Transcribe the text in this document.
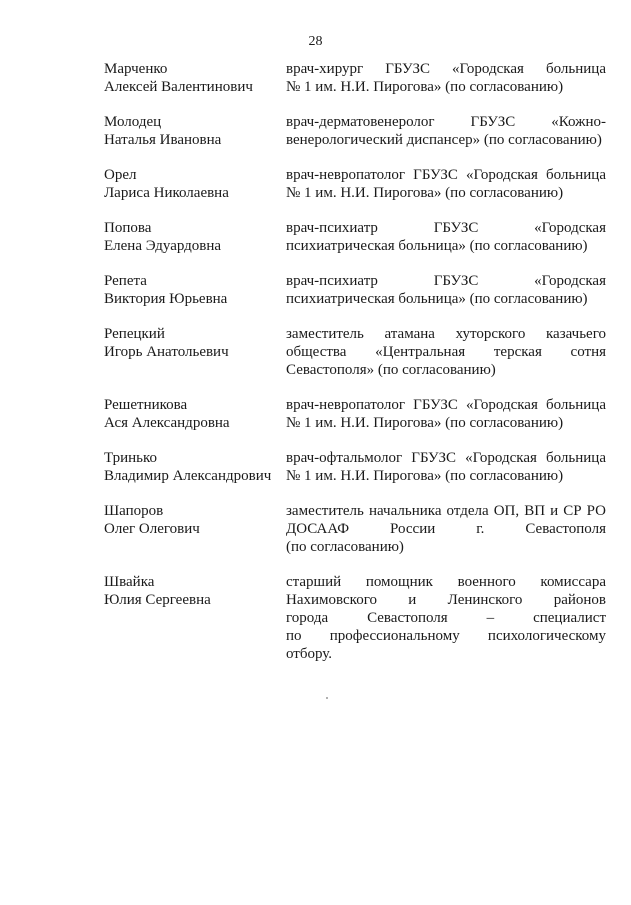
28
Марченко
Алексей Валентинович
врач-хирург ГБУЗС «Городская больница
№ 1 им. Н.И. Пирогова» (по согласованию)
Молодец
Наталья Ивановна
врач-дерматовенеролог ГБУЗС «Кожно-
венерологический диспансер» (по согласованию)
Орел
Лариса Николаевна
врач-невропатолог ГБУЗС «Городская больница
№ 1 им. Н.И. Пирогова» (по согласованию)
Попова
Елена Эдуардовна
врач-психиатр ГБУЗС «Городская
психиатрическая больница» (по согласованию)
Репета
Виктория Юрьевна
врач-психиатр ГБУЗС «Городская
психиатрическая больница» (по согласованию)
Репецкий
Игорь Анатольевич
заместитель атамана хуторского казачьего
общества «Центральная терская сотня
Севастополя» (по согласованию)
Решетникова
Ася Александровна
врач-невропатолог ГБУЗС «Городская больница
№ 1 им. Н.И. Пирогова» (по согласованию)
Тринько
Владимир Александрович
врач-офтальмолог ГБУЗС «Городская больница
№ 1 им. Н.И. Пирогова» (по согласованию)
Шапоров
Олег Олегович
заместитель начальника отдела ОП, ВП и СР РО
ДОСААФ России г. Севастополя
(по согласованию)
Швайка
Юлия Сергеевна
старший помощник военного комиссара
Нахимовского и Ленинского районов
города Севастополя – специалист
по профессиональному психологическому
отбору.
